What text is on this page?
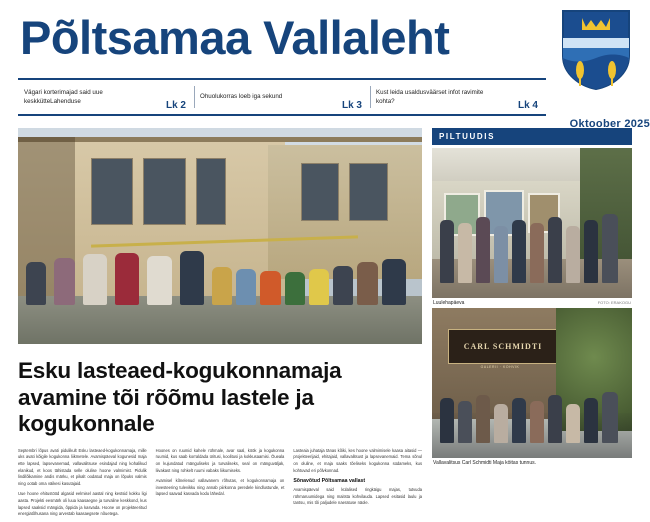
Põltsamaa Vallaleht
Vägari korterimajad said uue keskkütteLahenduse	Lk 2
Ohuolukorras loeb iga sekund
Lk 3
Kust leida usaldusväärset infot ravimite kohta?	Lk 4
Oktoober 2025
Esku lasteaed-kogukonnamaja avamine tõi rõõmu lastele ja kogukonnale

Septembri lõpus avati pidulikult Esku lasteaed-kogukonnamaja, mille uks avati kõigile kogukonna liikmetele. Avamispäeval kogunesid maja ette lapsed, lapsevanemad, vallavalitsuse esindajad ning kohalikud elanikud, et koos tähistada selle olulise hoone valmimist. Pidulik lindilõikamine andis märku, et pikalt oodatud maja on lõpuks valmis ning ootab oma väikesi kasutajaid.

Uue hoone ehitustööd algasid eelmisel aastal ning kestsid kokku ligi aasta. Projekti eesmärk oli luua kaasaegne ja turvaline keskkond, kus lapsed saaksid mängida, õppida ja kasvada. Hoone on projekteeritud energiatõhusana ning arvestab kaasaegsete nõuetega.

Hoones on ruumid kahele rühmale, avar saal, köök ja kogukonna ruumid, kus saab korraldada üritusi, koolitusi ja kokkusaamisi. Õueala on kujundatud mänguliseks ja turvaliseks, seal on mänguväljak, liivakast ning rohkelt ruumi vabaks liikumiseks.

Avamisel kõnelenud vallavanem rõhutas, et kogukonnamaja on investeering tulevikku ning annab piirkonna peredele kindlustunde, et lapsed saavad kasvada kodu lähedal.

Lasteaia juhataja tänas kõiki, kes hoone valmimisele kaasa aitasid — projekteerijaid, ehitajaid, vallavalitsust ja lapsevanemaid. Tema sõnul on oluline, et maja saaks tõeliseks kogukonna südameks, kus kohtuvad eri põlvkonnad.

Sõnavõtud Põltsamaa vallast

Avamispäeval said külalised ringkäigu majas, tutvuda rühmaruumidega ning maitsta kohvilauda. Lapsed esitasid laulu ja tantsu, mis tõi paljudele naeratuse näole.

PILTUUDIS
Luulehapäeva	FOTO: ERAKOGU
CARL SCHMIDTI
GALERII · KOHVIK
Vallavalitsus Carl Schmidti Maja köitas tunnus.
